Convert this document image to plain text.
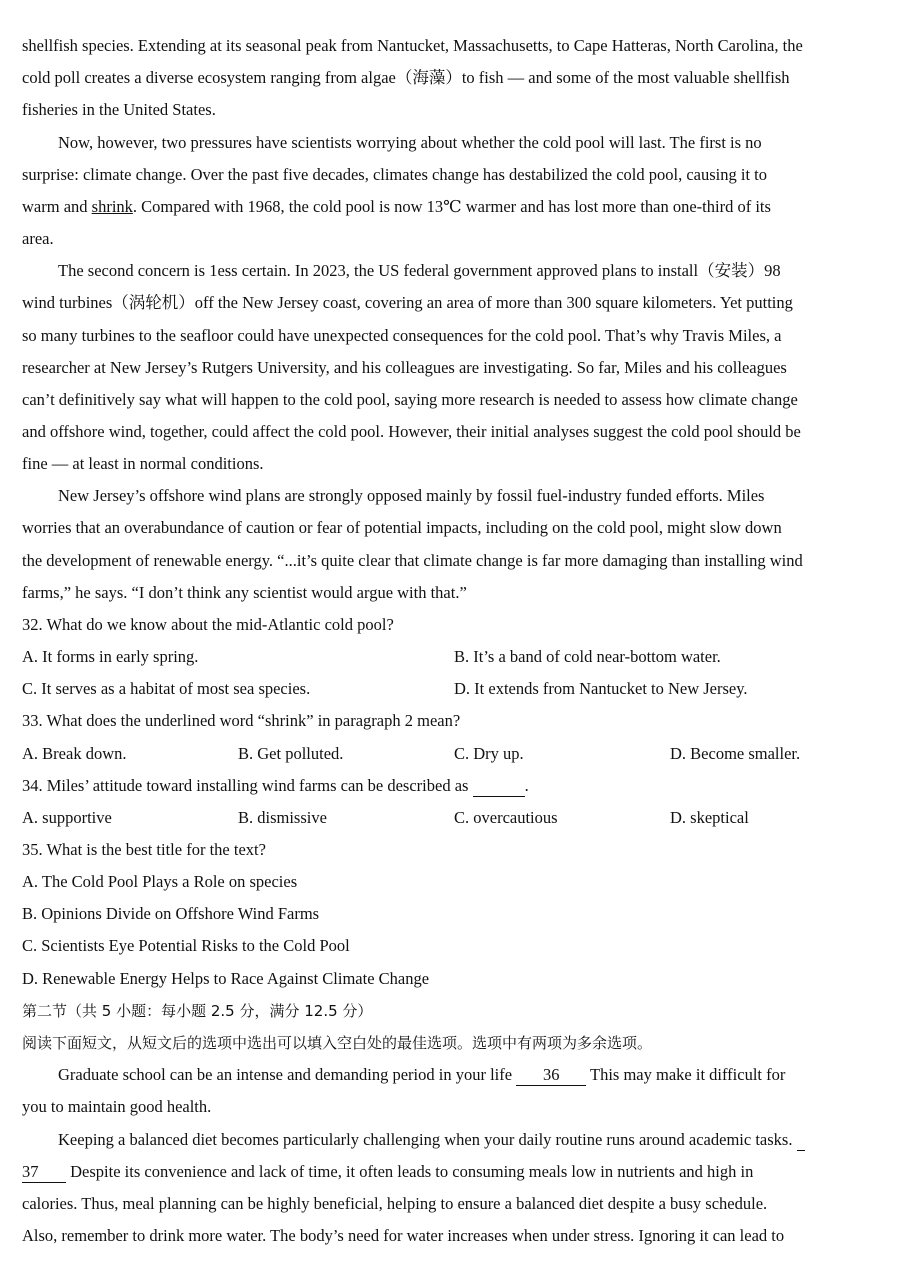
shellfish species. Extending at its seasonal peak from Nantucket, Massachusetts, to Cape Hatteras, North Carolina, the
cold poll creates a diverse ecosystem ranging from algae（海藻）to fish — and some of the most valuable shellfish
fisheries in the United States.
Now, however, two pressures have scientists worrying about whether the cold pool will last. The first is no
surprise: climate change. Over the past five decades, climates change has destabilized the cold pool, causing it to
warm and shrink. Compared with 1968, the cold pool is now 13℃ warmer and has lost more than one-third of its
area.
The second concern is 1ess certain. In 2023, the US federal government approved plans to install（安装）98
wind turbines（涡轮机）off the New Jersey coast, covering an area of more than 300 square kilometers. Yet putting
so many turbines to the seafloor could have unexpected consequences for the cold pool. That’s why Travis Miles, a
researcher at New Jersey’s Rutgers University, and his colleagues are investigating. So far, Miles and his colleagues
can’t definitively say what will happen to the cold pool, saying more research is needed to assess how climate change
and offshore wind, together, could affect the cold pool. However, their initial analyses suggest the cold pool should be
fine — at least in normal conditions.
New Jersey’s offshore wind plans are strongly opposed mainly by fossil fuel-industry funded efforts. Miles
worries that an overabundance of caution or fear of potential impacts, including on the cold pool, might slow down
the development of renewable energy. “...it’s quite clear that climate change is far more damaging than installing wind
farms,” he says. “I don’t think any scientist would argue with that.”
32. What do we know about the mid-Atlantic cold pool?
A. It forms in early spring.	B. It’s a band of cold near-bottom water.
C. It serves as a habitat of most sea species.	D. It extends from Nantucket to New Jersey.
33. What does the underlined word “shrink” in paragraph 2 mean?
A. Break down.	B. Get polluted.	C. Dry up.	D. Become smaller.
34. Miles’ attitude toward installing wind farms can be described as	.
A. supportive	B. dismissive	C. overcautious	D. skeptical
35. What is the best title for the text?
A. The Cold Pool Plays a Role on species
B. Opinions Divide on Offshore Wind Farms
C. Scientists Eye Potential Risks to the Cold Pool
D. Renewable Energy Helps to Race Against Climate Change
第二节（共 5 小题：每小题 2.5 分，满分 12.5 分）
阅读下面短文，从短文后的选项中选出可以填入空白处的最佳选项。选项中有两项为多余选项。
Graduate school can be an intense and demanding period in your life 36 This may make it difficult for
you to maintain good health.
Keeping a balanced diet becomes particularly challenging when your daily routine runs around academic tasks.
37 Despite its convenience and lack of time, it often leads to consuming meals low in nutrients and high in
calories. Thus, meal planning can be highly beneficial, helping to ensure a balanced diet despite a busy schedule.
Also, remember to drink more water. The body’s need for water increases when under stress. Ignoring it can lead to
